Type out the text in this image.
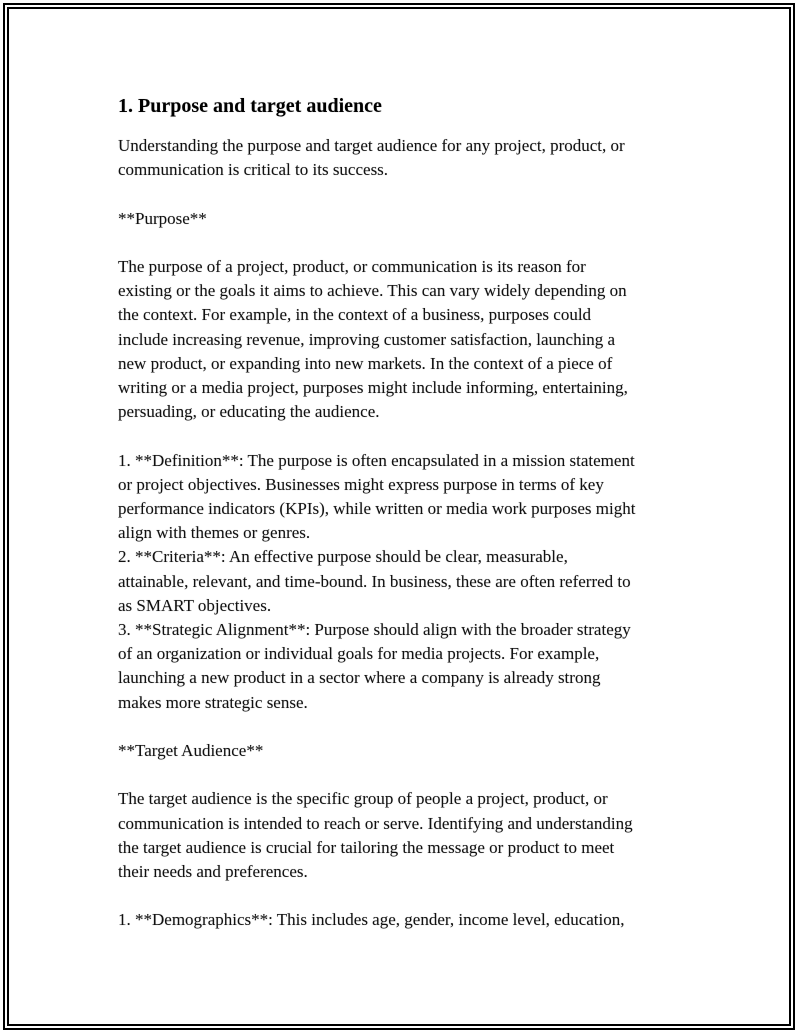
1. Purpose and target audience

Understanding the purpose and target audience for any project, product, or
communication is critical to its success.

**Purpose**

The purpose of a project, product, or communication is its reason for
existing or the goals it aims to achieve. This can vary widely depending on
the context. For example, in the context of a business, purposes could
include increasing revenue, improving customer satisfaction, launching a
new product, or expanding into new markets. In the context of a piece of
writing or a media project, purposes might include informing, entertaining,
persuading, or educating the audience.

1. **Definition**: The purpose is often encapsulated in a mission statement
or project objectives. Businesses might express purpose in terms of key
performance indicators (KPIs), while written or media work purposes might
align with themes or genres.

2. **Criteria**: An effective purpose should be clear, measurable,
attainable, relevant, and time-bound. In business, these are often referred to
as SMART objectives.

3. **Strategic Alignment**: Purpose should align with the broader strategy
of an organization or individual goals for media projects. For example,
launching a new product in a sector where a company is already strong
makes more strategic sense.

**Target Audience**

The target audience is the specific group of people a project, product, or
communication is intended to reach or serve. Identifying and understanding
the target audience is crucial for tailoring the message or product to meet
their needs and preferences.

1. **Demographics**: This includes age, gender, income level, education,
